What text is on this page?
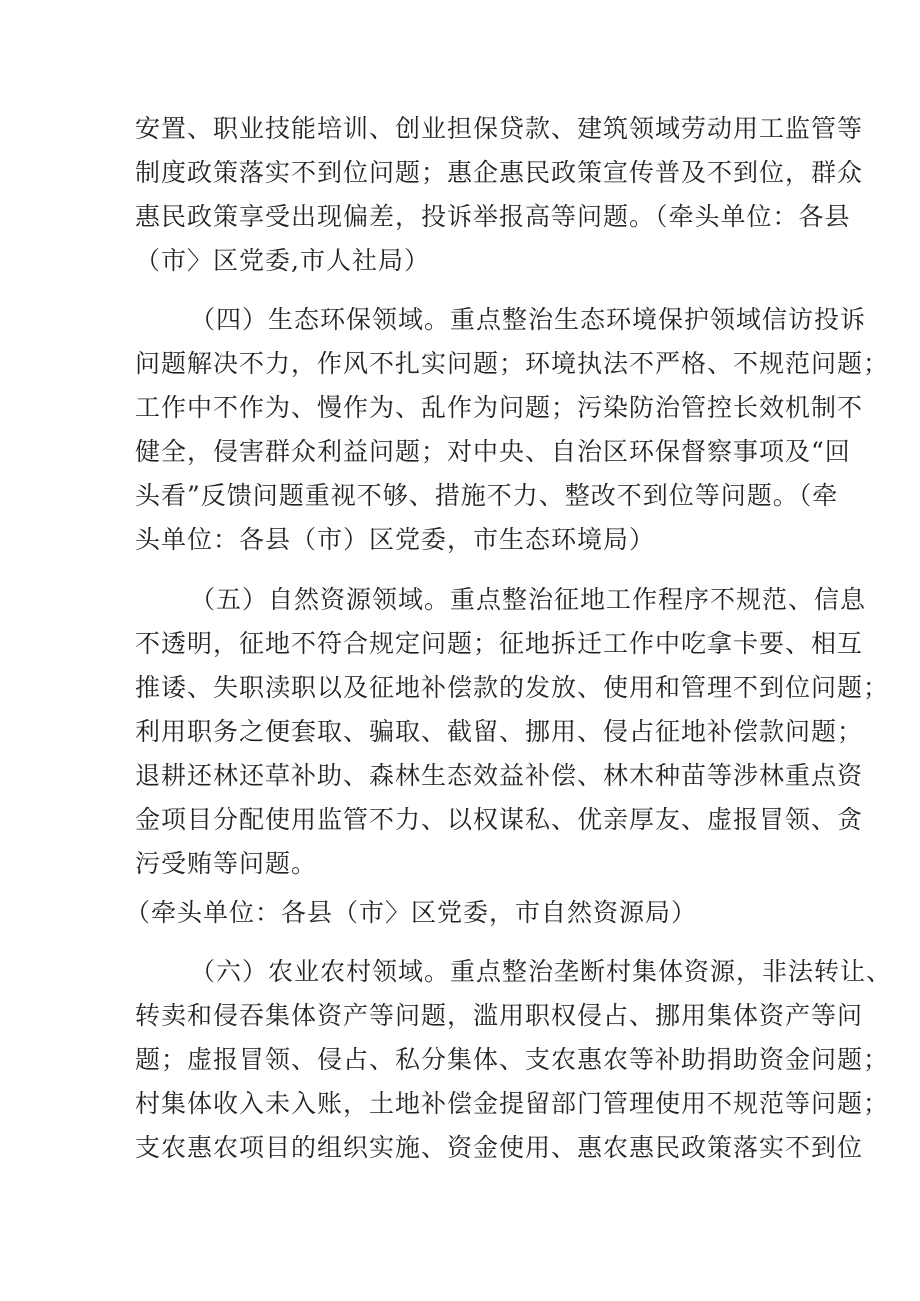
安置、职业技能培训、创业担保贷款、建筑领域劳动用工监管等
制度政策落实不到位问题；惠企惠民政策宣传普及不到位，群众
惠民政策享受出现偏差，投诉举报高等问题。（牵头单位：各县
（市〉区党委,市人社局）
（四）生态环保领域。重点整治生态环境保护领域信访投诉
问题解决不力，作风不扎实问题；环境执法不严格、不规范问题；
工作中不作为、慢作为、乱作为问题；污染防治管控长效机制不
健全，侵害群众利益问题；对中央、自治区环保督察事项及“回
头看”反馈问题重视不够、措施不力、整改不到位等问题。（牵
头单位：各县（市）区党委，市生态环境局）
（五）自然资源领域。重点整治征地工作程序不规范、信息
不透明，征地不符合规定问题；征地拆迁工作中吃拿卡要、相互
推诿、失职渎职以及征地补偿款的发放、使用和管理不到位问题；
利用职务之便套取、骗取、截留、挪用、侵占征地补偿款问题；
退耕还林还草补助、森林生态效益补偿、林木种苗等涉林重点资
金项目分配使用监管不力、以权谋私、优亲厚友、虚报冒领、贪
污受贿等问题。
（牵头单位：各县（市〉区党委，市自然资源局）
（六）农业农村领域。重点整治垄断村集体资源，非法转让、
转卖和侵吞集体资产等问题，滥用职权侵占、挪用集体资产等问
题；虚报冒领、侵占、私分集体、支农惠农等补助捐助资金问题；
村集体收入未入账，土地补偿金提留部门管理使用不规范等问题；
支农惠农项目的组织实施、资金使用、惠农惠民政策落实不到位
